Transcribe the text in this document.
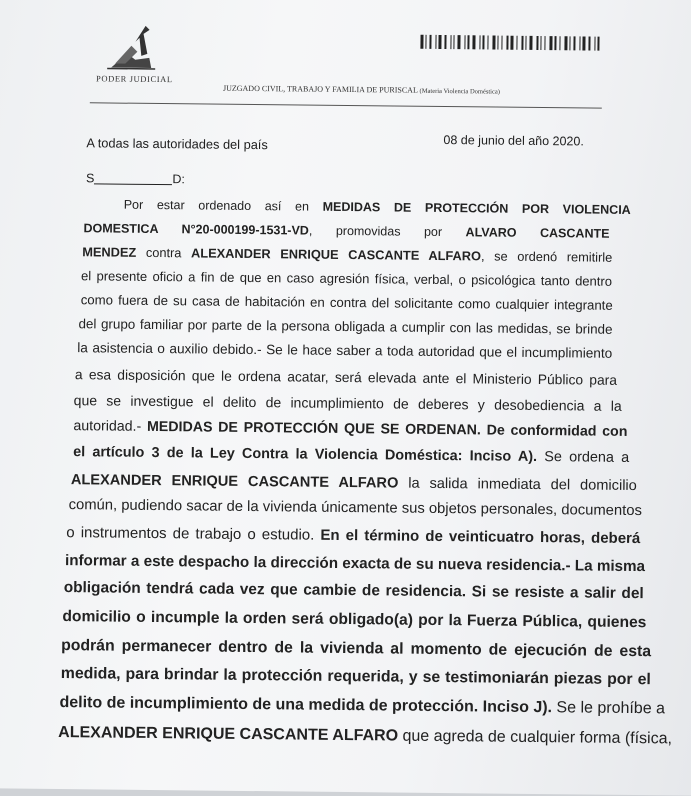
PODER JUDICIAL
JUZGADO CIVIL, TRABAJO Y FAMILIA DE PURISCAL (Materia Violencia Doméstica)
08 de junio del año 2020.
A todas las autoridades del país
S	D:
Por estar ordenado así en MEDIDAS DE PROTECCIÓN POR VIOLENCIA
DOMESTICA N°20-000199-1531-VD, promovidas por ALVARO CASCANTE
MENDEZ contra ALEXANDER ENRIQUE CASCANTE ALFARO, se ordenó remitirle
el presente oficio a fin de que en caso agresión física, verbal, o psicológica tanto dentro
como fuera de su casa de habitación en contra del solicitante como cualquier integrante
del grupo familiar por parte de la persona obligada a cumplir con las medidas, se brinde
la asistencia o auxilio debido.- Se le hace saber a toda autoridad que el incumplimiento
a esa disposición que le ordena acatar, será elevada ante el Ministerio Público para
que se investigue el delito de incumplimiento de deberes y desobediencia a la
autoridad.- MEDIDAS DE PROTECCIÓN QUE SE ORDENAN. De conformidad con
el artículo 3 de la Ley Contra la Violencia Doméstica: Inciso A). Se ordena a
ALEXANDER ENRIQUE CASCANTE ALFARO la salida inmediata del domicilio
común, pudiendo sacar de la vivienda únicamente sus objetos personales, documentos
o instrumentos de trabajo o estudio. En el término de veinticuatro horas, deberá
informar a este despacho la dirección exacta de su nueva residencia.- La misma
obligación tendrá cada vez que cambie de residencia. Si se resiste a salir del
domicilio o incumple la orden será obligado(a) por la Fuerza Pública, quienes
podrán permanecer dentro de la vivienda al momento de ejecución de esta
medida, para brindar la protección requerida, y se testimoniarán piezas por el
delito de incumplimiento de una medida de protección. Inciso J). Se le prohíbe a
ALEXANDER ENRIQUE CASCANTE ALFARO que agreda de cualquier forma (física,
